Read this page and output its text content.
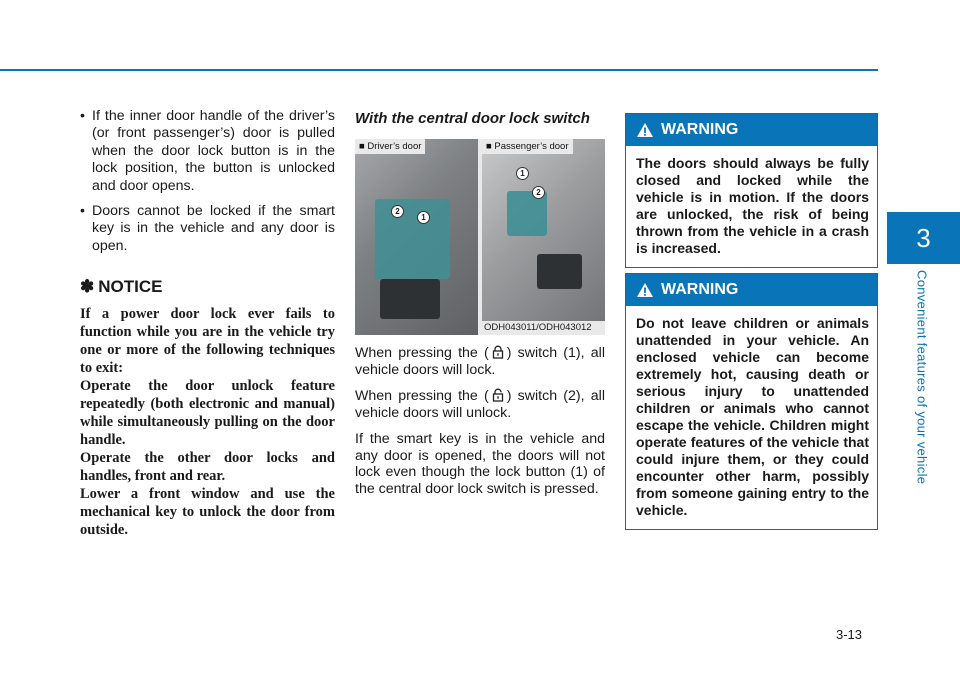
3
Convenient features of your vehicle
• If the inner door handle of the driver’s (or front passenger’s) door is pulled when the door lock button is in the lock position, the button is unlocked and door opens.
• Doors cannot be locked if the smart key is in the vehicle and any door is open.
✽ NOTICE

If a power door lock ever fails to function while you are in the vehicle try one or more of the following techniques to exit:

Operate the door unlock feature repeatedly (both electronic and manual) while simultaneously pulling on the door handle.

Operate the other door locks and handles, front and rear.

Lower a front window and use the mechanical key to unlock the door from outside.

With the central door lock switch
2
1
■ Driver’s door
1
2
■ Passenger’s door
ODH043011/ODH043012

When pressing the ( ) switch (1), all vehicle doors will lock.

When pressing the ( ) switch (2), all vehicle doors will unlock.

If the smart key is in the vehicle and any door is opened, the doors will not lock even though the lock button (1) of the central door lock switch is pressed.

WARNING
The doors should always be fully closed and locked while the vehicle is in motion. If the doors are unlocked, the risk of being thrown from the vehicle in a crash is increased.
WARNING
Do not leave children or animals unattended in your vehicle. An enclosed vehicle can become extremely hot, causing death or serious injury to unattended children or animals who cannot escape the vehicle. Children might operate features of the vehicle that could injure them, or they could encounter other harm, possibly from someone gaining entry to the vehicle.
3-13
